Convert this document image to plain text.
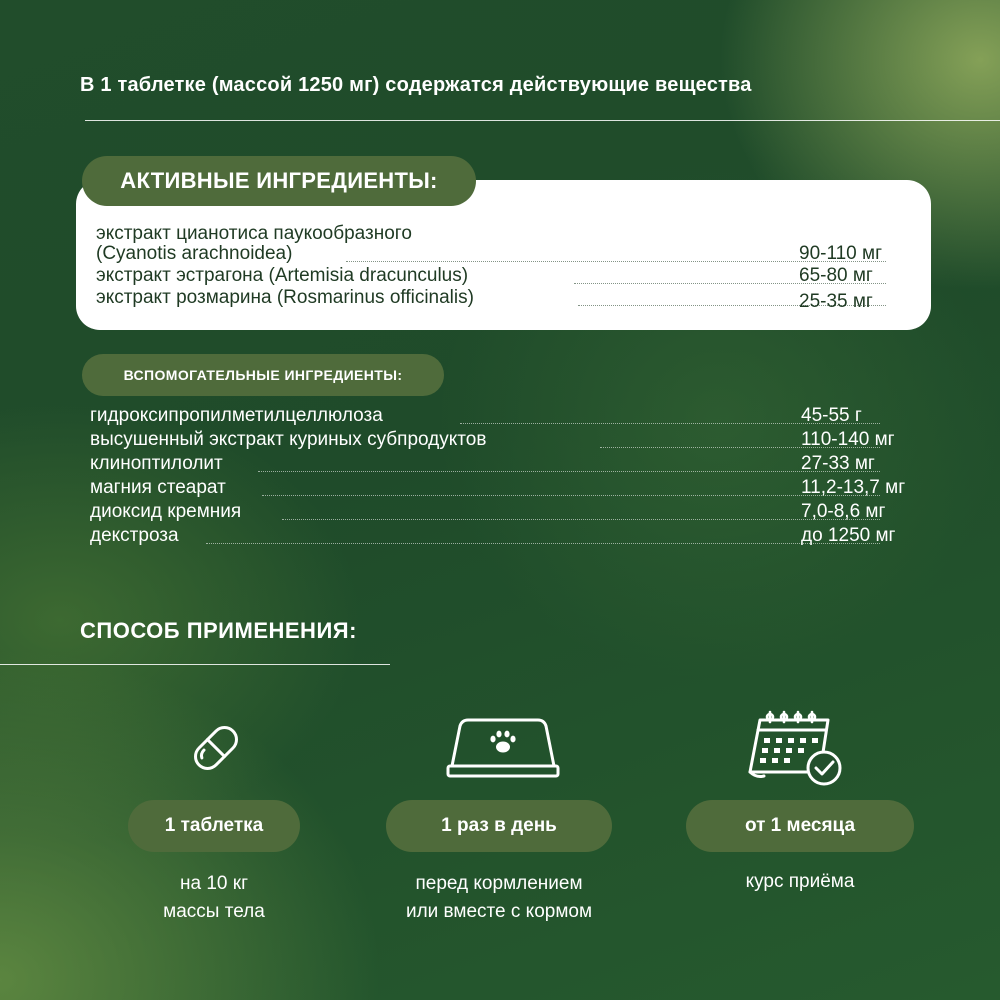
В 1 таблетке (массой 1250 мг) содержатся действующие вещества
АКТИВНЫЕ ИНГРЕДИЕНТЫ:
экстракт цианотиса паукообразного
(Cyanotis arachnoidea)	90-110 мг
экстракт эстрагона (Artemisia dracunculus)	65-80 мг
экстракт розмарина (Rosmarinus officinalis)	25-35 мг
ВСПОМОГАТЕЛЬНЫЕ ИНГРЕДИЕНТЫ:
гидроксипропилметилцеллюлоза	45-55 г
высушенный экстракт куриных субпродуктов	110-140 мг
клиноптилолит	27-33 мг
магния стеарат	11,2-13,7 мг
диоксид кремния	7,0-8,6 мг
декстроза	до 1250 мг
СПОСОБ ПРИМЕНЕНИЯ:
1 таблетка	1 раз в день	от 1 месяца
на 10 кг
массы тела
перед кормлением
или вместе с кормом
курс приёма
